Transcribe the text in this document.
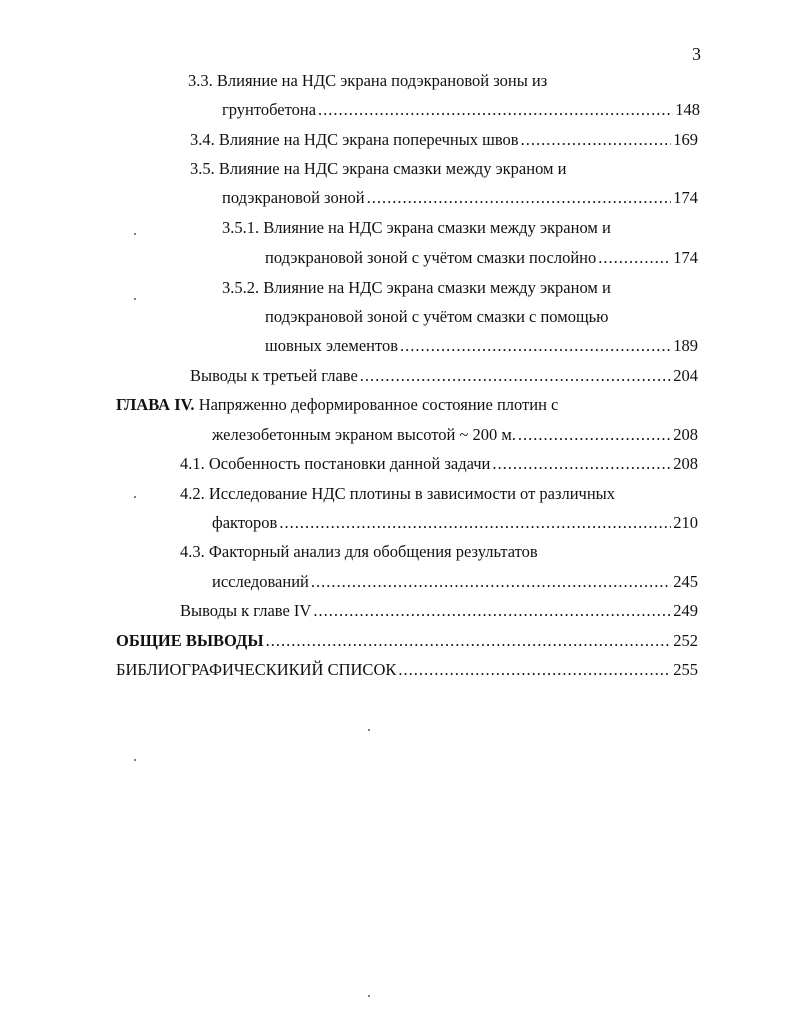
3
3.3. Влияние на НДС экрана подэкрановой зоны из
грунтобетона .....	148
3.4. Влияние на НДС экрана поперечных швов .....	169
3.5. Влияние на НДС экрана смазки между экраном и
подэкрановой зоной .....	174
3.5.1. Влияние на НДС экрана смазки между экраном и
подэкрановой зоной с учётом смазки послойно .....	174
3.5.2. Влияние на НДС экрана смазки между экраном и
подэкрановой зоной с учётом смазки с помощью
шовных элементов .....	189
Выводы к третьей главе .....	204
ГЛАВА IV. Напряженно деформированное состояние плотин с
железобетонным экраном высотой ~ 200 м. .....	208
4.1. Особенность постановки данной задачи .....	208
4.2. Исследование НДС плотины в зависимости от различных
факторов .....	210
4.3. Факторный анализ для обобщения результатов
исследований .....	245
Выводы к главе IV .....	249
ОБЩИЕ ВЫВОДЫ .....	252
БИБЛИОГРАФИЧЕСКИКИЙ СПИСОК .....	255
